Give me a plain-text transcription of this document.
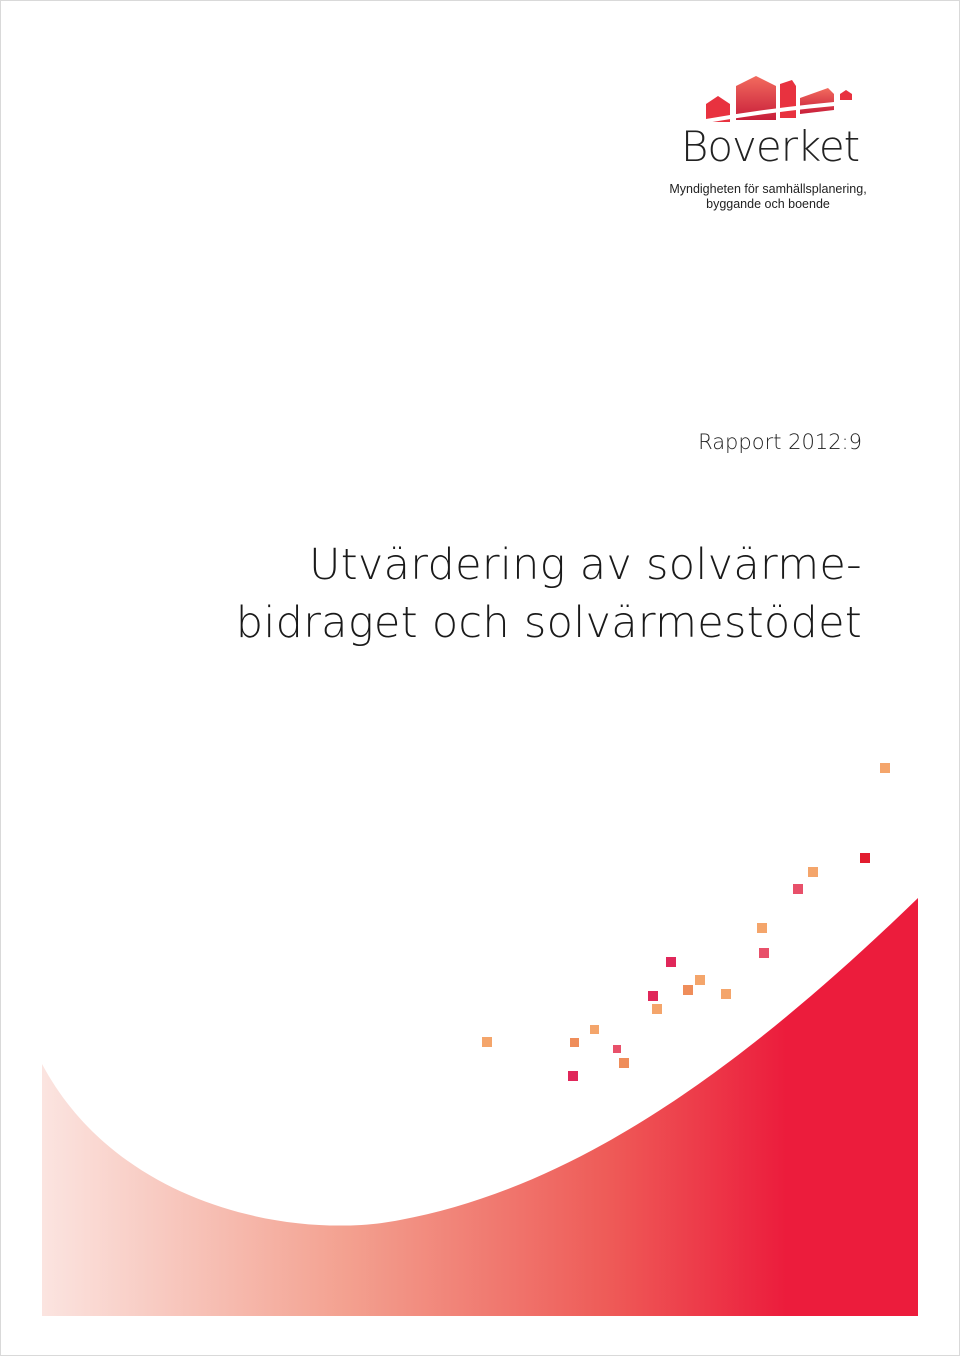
Boverket
Myndigheten för samhällsplanering,
byggande och boende
Rapport 2012:9
Utvärdering av solvärme-
bidraget och solvärmestödet
